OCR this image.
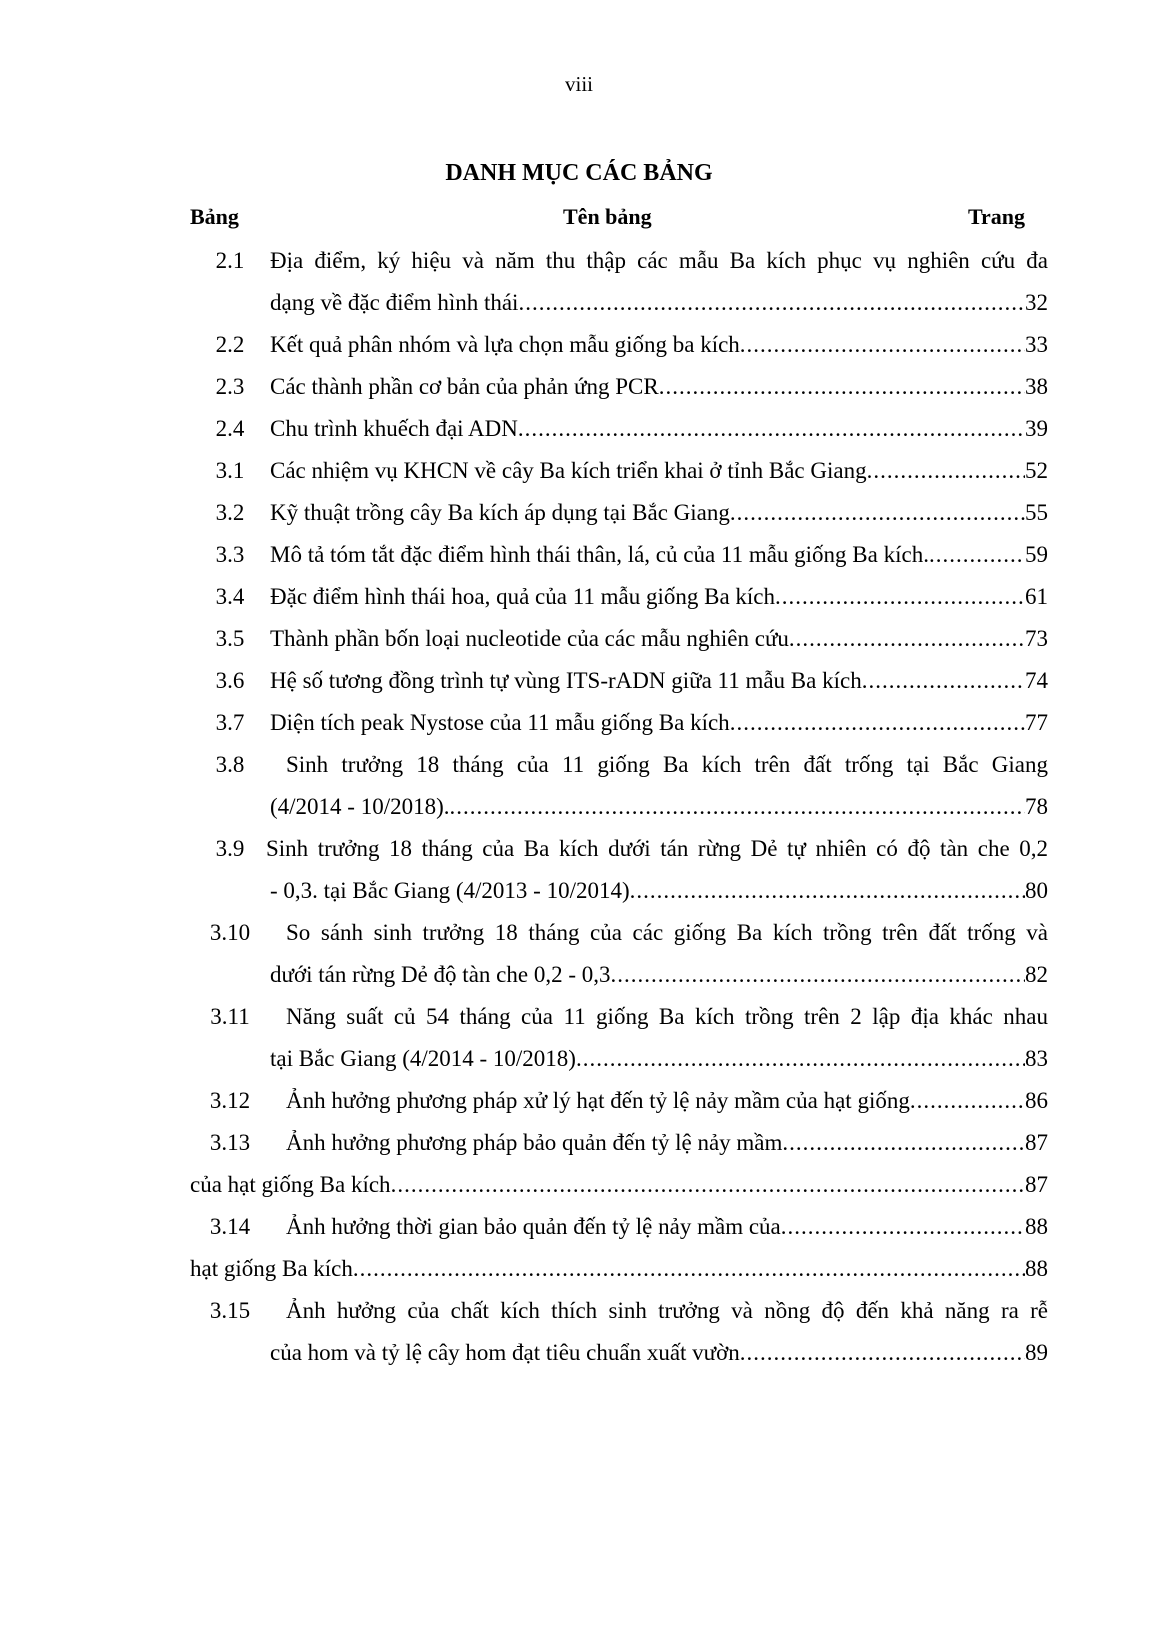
viii
DANH MỤC CÁC BẢNG
Bảng	Tên bảng	Trang
2.1	Địa điểm, ký hiệu và năm thu thập các mẫu Ba kích phục vụ nghiên cứu đa
dạng về đặc điểm hình thái .....	32
2.2	Kết quả phân nhóm và lựa chọn mẫu giống ba kích .....	33
2.3	Các thành phần cơ bản của phản ứng PCR .....	38
2.4	Chu trình khuếch đại ADN .....	39
3.1	Các nhiệm vụ KHCN về cây Ba kích triển khai ở tỉnh Bắc Giang .....	52
3.2	Kỹ thuật trồng cây Ba kích áp dụng tại Bắc Giang .....	55
3.3	Mô tả tóm tắt đặc điểm hình thái thân, lá, củ của 11 mẫu giống Ba kích. .....	59
3.4	Đặc điểm hình thái hoa, quả của 11 mẫu giống Ba kích .....	61
3.5	Thành phần bốn loại nucleotide của các mẫu nghiên cứu .....	73
3.6	Hệ số tương đồng trình tự vùng ITS-rADN giữa 11 mẫu Ba kích .....	74
3.7	Diện tích peak Nystose của 11 mẫu giống Ba kích .....	77
3.8	Sinh trưởng 18 tháng của 11 giống Ba kích trên đất trống tại Bắc Giang
(4/2014 - 10/2018). .....	78
3.9 Sinh trưởng 18 tháng của Ba kích dưới tán rừng Dẻ tự nhiên có độ tàn che 0,2
- 0,3. tại Bắc Giang (4/2013 - 10/2014) .....	80
3.10	So sánh sinh trưởng 18 tháng của các giống Ba kích trồng trên đất trống và
dưới tán rừng Dẻ độ tàn che 0,2 - 0,3 .....	82
3.11	Năng suất củ 54 tháng của 11 giống Ba kích trồng trên 2 lập địa khác nhau
tại Bắc Giang (4/2014 - 10/2018) .....	83
3.12	Ảnh hưởng phương pháp xử lý hạt đến tỷ lệ nảy mầm của hạt giống .....	86
3.13	Ảnh hưởng phương pháp bảo quản đến tỷ lệ nảy mầm .....	87
của hạt giống Ba kích .....	87
3.14	Ảnh hưởng thời gian bảo quản đến tỷ lệ nảy mầm của .....	88
hạt giống Ba kích .....	88
3.15	Ảnh hưởng của chất kích thích sinh trưởng và nồng độ đến khả năng ra rễ
của hom và tỷ lệ cây hom đạt tiêu chuẩn xuất vườn .....	89
